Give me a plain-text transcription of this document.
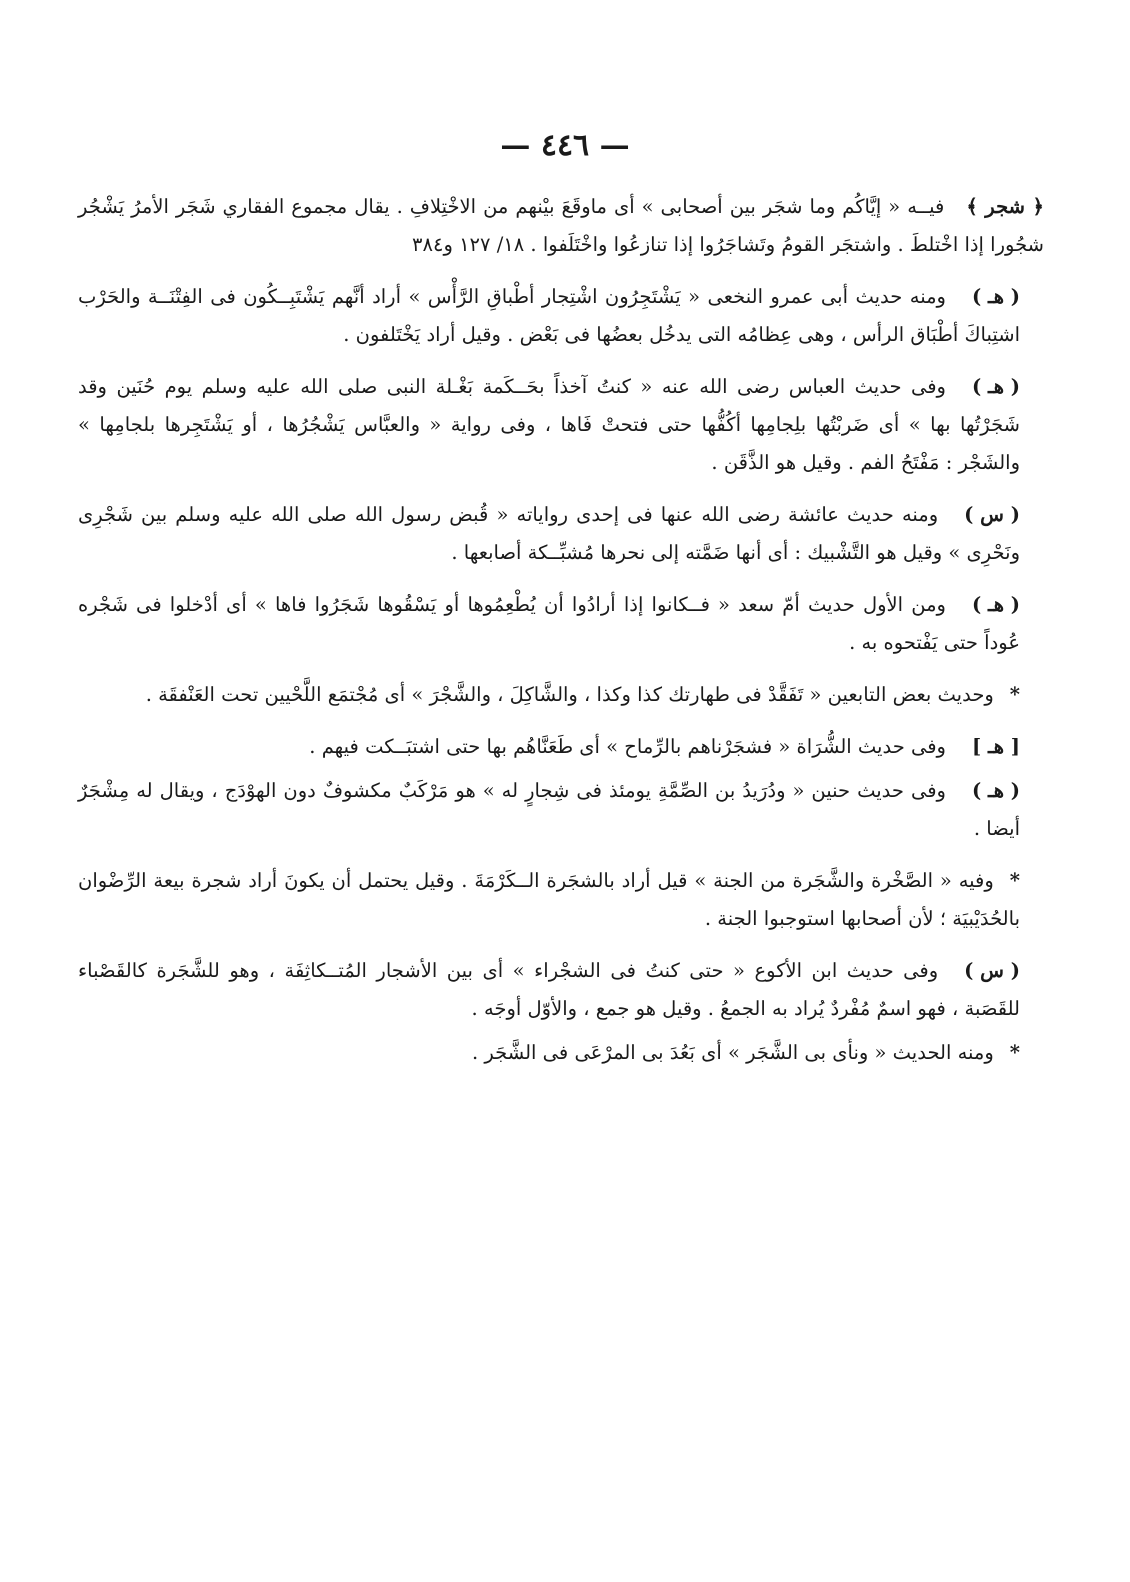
— ٤٤٦ —

﴿ شجر ﴾فيــه « إيَّاكُم وما شجَر بين أصحابى » أى ماوقَعَ بيْنهم من الاخْتِلافِ . يقال مجموع الفقاري شَجَر الأمرُ يَشْجُر شجُورا إذا اخْتلطَ . واشتجَر القومُ وتَشاجَرُوا إذا تنازعُوا واخْتَلَفوا . ١٨/ ١٢٧ و٣٨٤

( هـ )ومنه حديث أبى عمرو النخعى « يَشْتَجِرُون اشْتِجار أطْباقِ الرَّأْس » أراد أنَّهم يَشْتَبِــكُون فى الفِتْنَــة والحَرْب اشتِباكَ أطْبَاق الرأس ، وهى عِظامُه التى يدخُل بعضُها فى بَعْض . وقيل أراد يَخْتَلفون .

( هـ )وفى حديث العباس رضى الله عنه « كنتُ آخذاً بحَــكَمة بَغْـلة النبى صلى الله عليه وسلم يوم حُنَين وقد شَجَرْتُها بها » أى ضَربْتُها بلِجامِها أكُفُّها حتى فتحتْ فَاها ، وفى رواية « والعبَّاس يَشْجُرُها ، أو يَشْتَجِرها بلجامِها » والشَجْر : مَفْتَحُ الفم . وقيل هو الذَّقَن .

( س )ومنه حديث عائشة رضى الله عنها فى إحدى رواياته « قُبض رسول الله صلى الله عليه وسلم بين شَجْرِى ونَحْرِى » وقيل هو التَّشْبيك : أى أنها ضَمَّته إلى نحرها مُشبِّــكة أصابعها .

( هـ )ومن الأول حديث أمّ سعد « فــكانوا إذا أرادُوا أن يُطْعِمُوها أو يَسْقُوها شَجَرُوا فاها » أى أدْخلوا فى شَجْره عُوداً حتى يَفْتحوه به .

*وحديث بعض التابعين « تَفَقَّدْ فى طهارتك كذا وكذا ، والشَّاكِلَ ، والشَّجْرَ » أى مُجْتمَع اللَّحْيين تحت العَنْفقَة .

[ هـ ]وفى حديث الشُّرَاة « فشجَرْناهم بالرِّماح » أى طَعَنَّاهُم بها حتى اشتبَــكت فيهم .

( هـ )وفى حديث حنين « ودُرَيدُ بن الصِّمَّةِ يومئذ فى شِجارٍ له » هو مَرْكَبٌ مكشوفٌ دون الهوْدَج ، ويقال له مِشْجَرٌ أيضا .

*وفيه « الصَّخْرة والشَّجَرة من الجنة » قيل أراد بالشجَرة الــكَرْمَةَ . وقيل يحتمل أن يكونَ أراد شجرة بيعة الرِّضْوان بالحُدَيْبيَة ؛ لأن أصحابها استوجبوا الجنة .

( س )وفى حديث ابن الأكوع « حتى كنتُ فى الشجْراء » أى بين الأشجار المُتــكاثِفَة ، وهو للشَّجَرة كالقَصْباء للقَصَبة ، فهو اسمٌ مُفْردٌ يُراد به الجمعُ . وقيل هو جمع ، والأوّل أوجَه .

*ومنه الحديث « ونأى بى الشَّجَر » أى بَعُدَ بى المرْعَى فى الشَّجَر .
